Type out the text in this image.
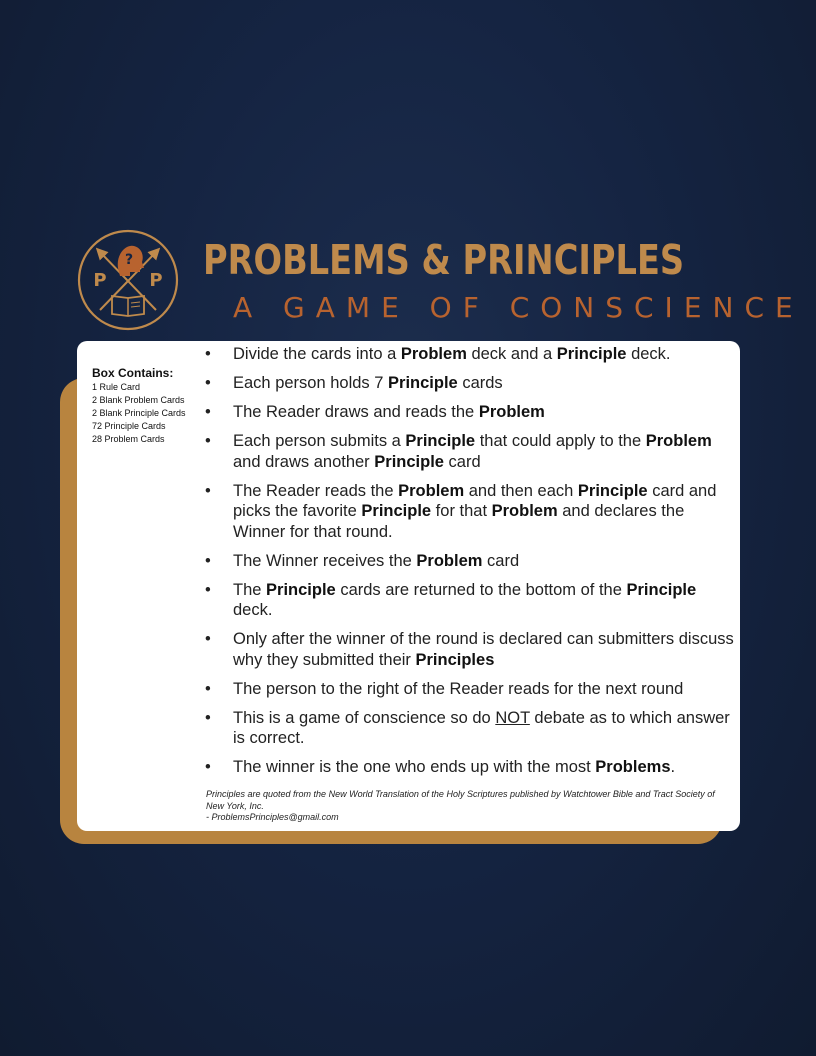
?
P P PROBLEMS & PRINCIPLES
A GAME OF CONSCIENCE
Box Contains:
1 Rule Card
2 Blank Problem Cards
2 Blank Principle Cards
72 Principle Cards
28 Problem Cards
• Divide the cards into a Problem deck and a Principle deck.
• Each person holds 7 Principle cards
• The Reader draws and reads the Problem
• Each person submits a Principle that could apply to the Problem and draws another Principle card
• The Reader reads the Problem and then each Principle card and picks the favorite Principle for that Problem and declares the Winner for that round.
• The Winner receives the Problem card
• The Principle cards are returned to the bottom of the Principle deck.
• Only after the winner of the round is declared can submitters discuss why they submitted their Principles
• The person to the right of the Reader reads for the next round
• This is a game of conscience so do NOT debate as to which answer is correct.
• The winner is the one who ends up with the most Problems.
Principles are quoted from the New World Translation of the Holy Scriptures published by Watchtower Bible and Tract Society of New York, Inc.
- ProblemsPrinciples@gmail.com
